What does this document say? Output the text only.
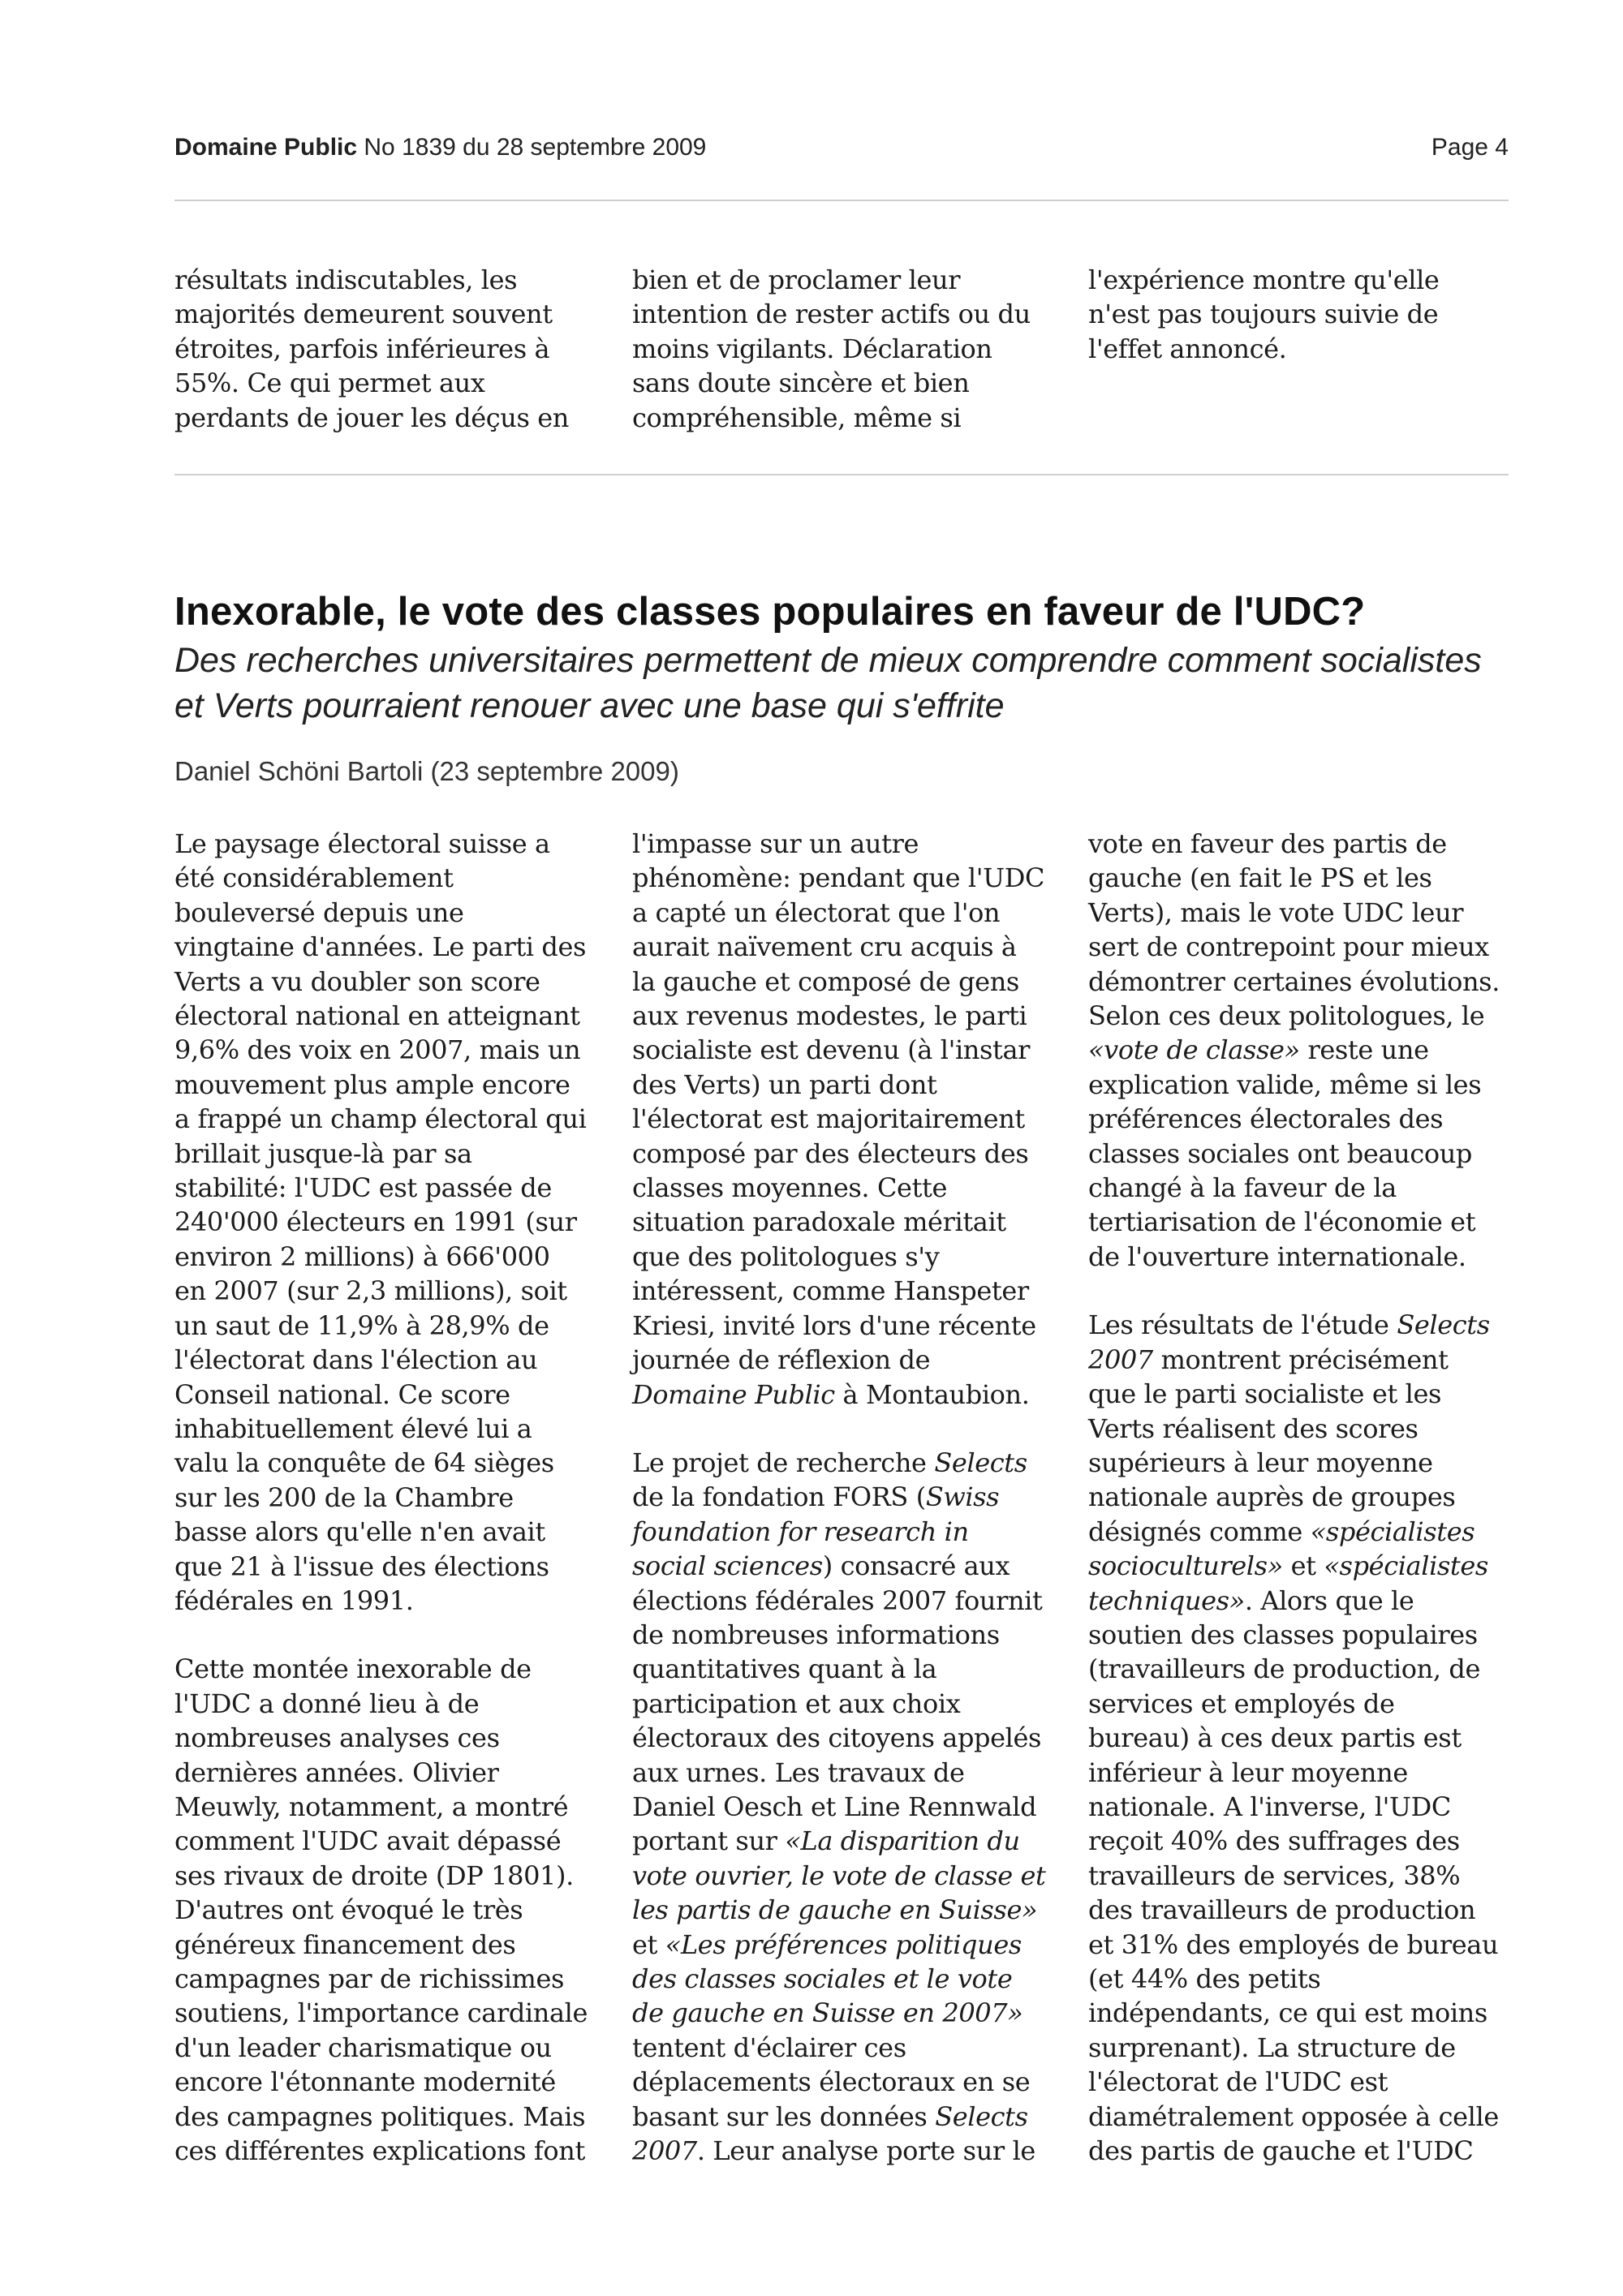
Domaine Public No 1839 du 28 septembre 2009	Page 4
résultats indiscutables, les majorités demeurent souvent étroites, parfois inférieures à 55%. Ce qui permet aux perdants de jouer les déçus en
bien et de proclamer leur intention de rester actifs ou du moins vigilants. Déclaration sans doute sincère et bien compréhensible, même si
l'expérience montre qu'elle n'est pas toujours suivie de l'effet annoncé.
Inexorable, le vote des classes populaires en faveur de l'UDC?
Des recherches universitaires permettent de mieux comprendre comment socialistes et Verts pourraient renouer avec une base qui s'effrite
Daniel Schöni Bartoli (23 septembre 2009)

Le paysage électoral suisse a été considérablement bouleversé depuis une vingtaine d'années. Le parti des Verts a vu doubler son score électoral national en atteignant 9,6% des voix en 2007, mais un mouvement plus ample encore a frappé un champ électoral qui brillait jusque-là par sa stabilité: l'UDC est passée de 240'000 électeurs en 1991 (sur environ 2 millions) à 666'000 en 2007 (sur 2,3 millions), soit un saut de 11,9% à 28,9% de l'électorat dans l'élection au Conseil national. Ce score inhabituellement élevé lui a valu la conquête de 64 sièges sur les 200 de la Chambre basse alors qu'elle n'en avait que 21 à l'issue des élections fédérales en 1991.

Cette montée inexorable de l'UDC a donné lieu à de nombreuses analyses ces dernières années. Olivier Meuwly, notamment, a montré comment l'UDC avait dépassé ses rivaux de droite (DP 1801). D'autres ont évoqué le très généreux financement des campagnes par de richissimes soutiens, l'importance cardinale d'un leader charismatique ou encore l'étonnante modernité des campagnes politiques. Mais ces différentes explications font

l'impasse sur un autre phénomène: pendant que l'UDC a capté un électorat que l'on aurait naïvement cru acquis à la gauche et composé de gens aux revenus modestes, le parti socialiste est devenu (à l'instar des Verts) un parti dont l'électorat est majoritairement composé par des électeurs des classes moyennes. Cette situation paradoxale méritait que des politologues s'y intéressent, comme Hanspeter Kriesi, invité lors d'une récente journée de réflexion de Domaine Public à Montaubion.

Le projet de recherche Selects de la fondation FORS (Swiss foundation for research in social sciences) consacré aux élections fédérales 2007 fournit de nombreuses informations quantitatives quant à la participation et aux choix électoraux des citoyens appelés aux urnes. Les travaux de Daniel Oesch et Line Rennwald portant sur «La disparition du vote ouvrier, le vote de classe et les partis de gauche en Suisse» et «Les préférences politiques des classes sociales et le vote de gauche en Suisse en 2007» tentent d'éclairer ces déplacements électoraux en se basant sur les données Selects 2007. Leur analyse porte sur le

vote en faveur des partis de gauche (en fait le PS et les Verts), mais le vote UDC leur sert de contrepoint pour mieux démontrer certaines évolutions. Selon ces deux politologues, le «vote de classe» reste une explication valide, même si les préférences électorales des classes sociales ont beaucoup changé à la faveur de la tertiarisation de l'économie et de l'ouverture internationale.

Les résultats de l'étude Selects 2007 montrent précisément que le parti socialiste et les Verts réalisent des scores supérieurs à leur moyenne nationale auprès de groupes désignés comme «spécialistes socioculturels» et «spécialistes techniques». Alors que le soutien des classes populaires (travailleurs de production, de services et employés de bureau) à ces deux partis est inférieur à leur moyenne nationale. A l'inverse, l'UDC reçoit 40% des suffrages des travailleurs de services, 38% des travailleurs de production et 31% des employés de bureau (et 44% des petits indépendants, ce qui est moins surprenant). La structure de l'électorat de l'UDC est diamétralement opposée à celle des partis de gauche et l'UDC
